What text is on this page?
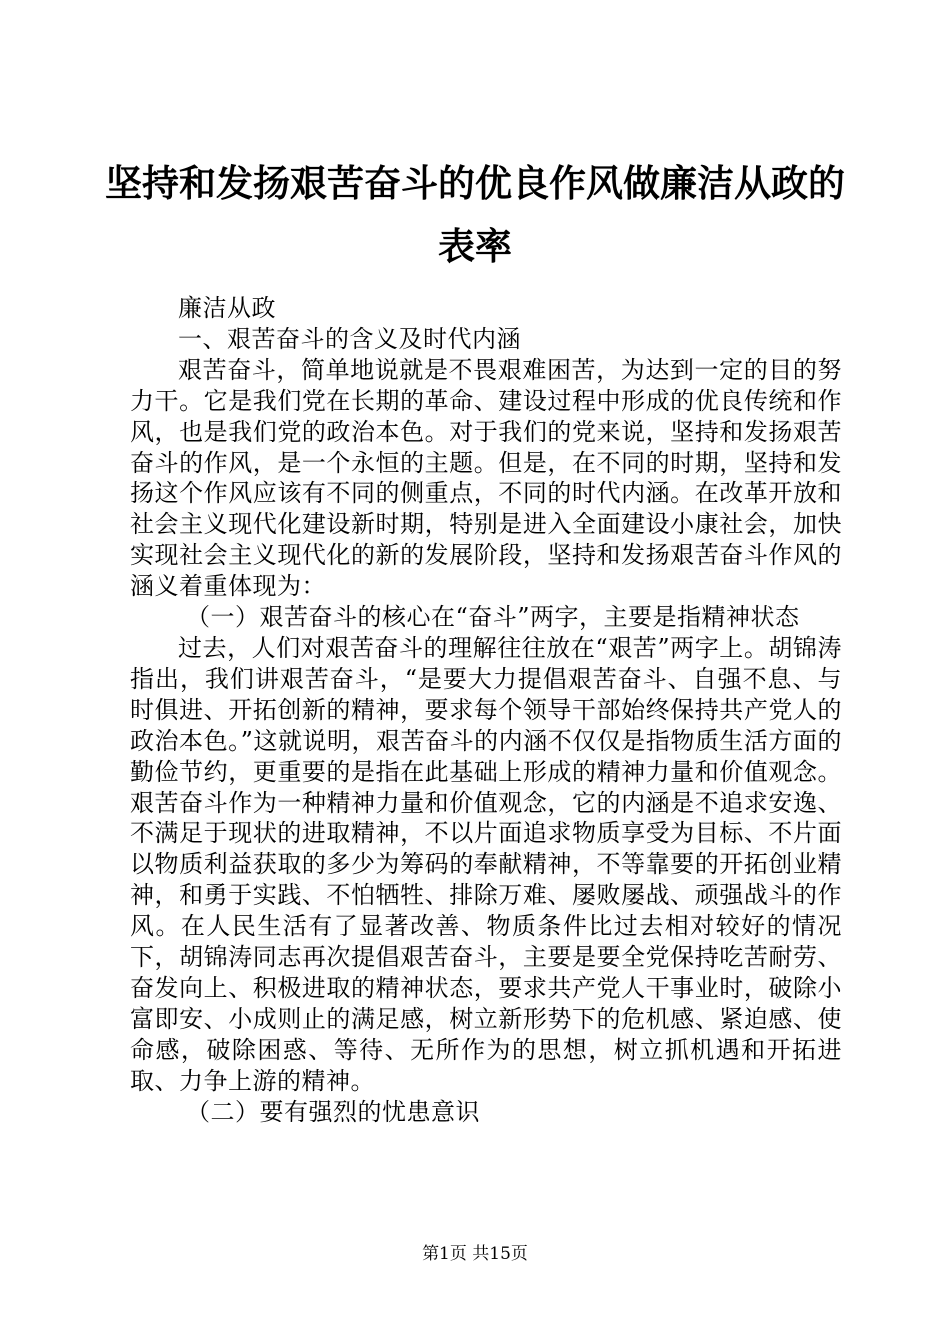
坚持和发扬艰苦奋斗的优良作风做廉洁从政的表率

廉洁从政

一、艰苦奋斗的含义及时代内涵

艰苦奋斗，简单地说就是不畏艰难困苦，为达到一定的目的努力干。它是我们党在长期的革命、建设过程中形成的优良传统和作风，也是我们党的政治本色。对于我们的党来说，坚持和发扬艰苦奋斗的作风，是一个永恒的主题。但是，在不同的时期，坚持和发扬这个作风应该有不同的侧重点，不同的时代内涵。在改革开放和社会主义现代化建设新时期，特别是进入全面建设小康社会，加快实现社会主义现代化的新的发展阶段，坚持和发扬艰苦奋斗作风的涵义着重体现为：

（一）艰苦奋斗的核心在“奋斗”两字，主要是指精神状态

过去，人们对艰苦奋斗的理解往往放在“艰苦”两字上。胡锦涛指出，我们讲艰苦奋斗，“是要大力提倡艰苦奋斗、自强不息、与时俱进、开拓创新的精神，要求每个领导干部始终保持共产党人的政治本色。”这就说明，艰苦奋斗的内涵不仅仅是指物质生活方面的勤俭节约，更重要的是指在此基础上形成的精神力量和价值观念。艰苦奋斗作为一种精神力量和价值观念，它的内涵是不追求安逸、不满足于现状的进取精神，不以片面追求物质享受为目标、不片面以物质利益获取的多少为筹码的奉献精神，不等靠要的开拓创业精神，和勇于实践、不怕牺牲、排除万难、屡败屡战、顽强战斗的作风。在人民生活有了显著改善、物质条件比过去相对较好的情况下，胡锦涛同志再次提倡艰苦奋斗，主要是要全党保持吃苦耐劳、奋发向上、积极进取的精神状态，要求共产党人干事业时，破除小富即安、小成则止的满足感，树立新形势下的危机感、紧迫感、使命感，破除困惑、等待、无所作为的思想，树立抓机遇和开拓进取、力争上游的精神。

（二）要有强烈的忧患意识

第1页 共15页
